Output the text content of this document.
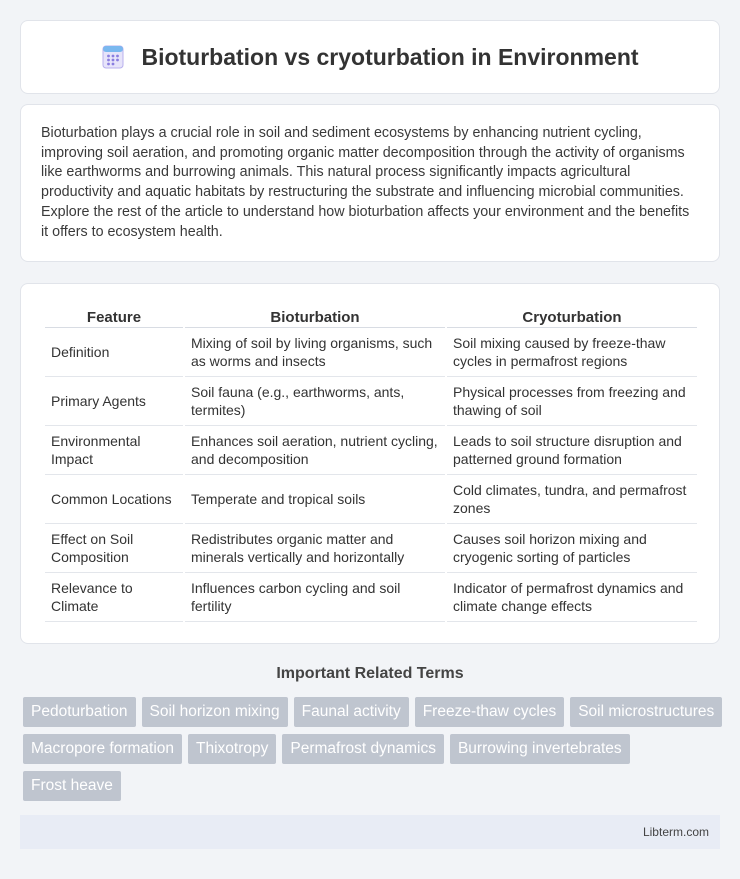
Bioturbation vs cryoturbation in Environment

Bioturbation plays a crucial role in soil and sediment ecosystems by enhancing nutrient cycling, improving soil aeration, and promoting organic matter decomposition through the activity of organisms like earthworms and burrowing animals. This natural process significantly impacts agricultural productivity and aquatic habitats by restructuring the substrate and influencing microbial communities. Explore the rest of the article to understand how bioturbation affects your environment and the benefits it offers to ecosystem health.

Feature	Bioturbation	Cryoturbation
Definition	Mixing of soil by living organisms, such as worms and insects	Soil mixing caused by freeze-thaw cycles in permafrost regions
Primary Agents	Soil fauna (e.g., earthworms, ants, termites)	Physical processes from freezing and thawing of soil
Environmental Impact	Enhances soil aeration, nutrient cycling, and decomposition	Leads to soil structure disruption and patterned ground formation
Common Locations	Temperate and tropical soils	Cold climates, tundra, and permafrost zones
Effect on Soil Composition	Redistributes organic matter and minerals vertically and horizontally	Causes soil horizon mixing and cryogenic sorting of particles
Relevance to Climate	Influences carbon cycling and soil fertility	Indicator of permafrost dynamics and climate change effects
Important Related Terms
Pedoturbation	Soil horizon mixing	Faunal activity	Freeze-thaw cycles	Soil microstructures
Macropore formation	Thixotropy	Permafrost dynamics	Burrowing invertebrates
Frost heave
Libterm.com
